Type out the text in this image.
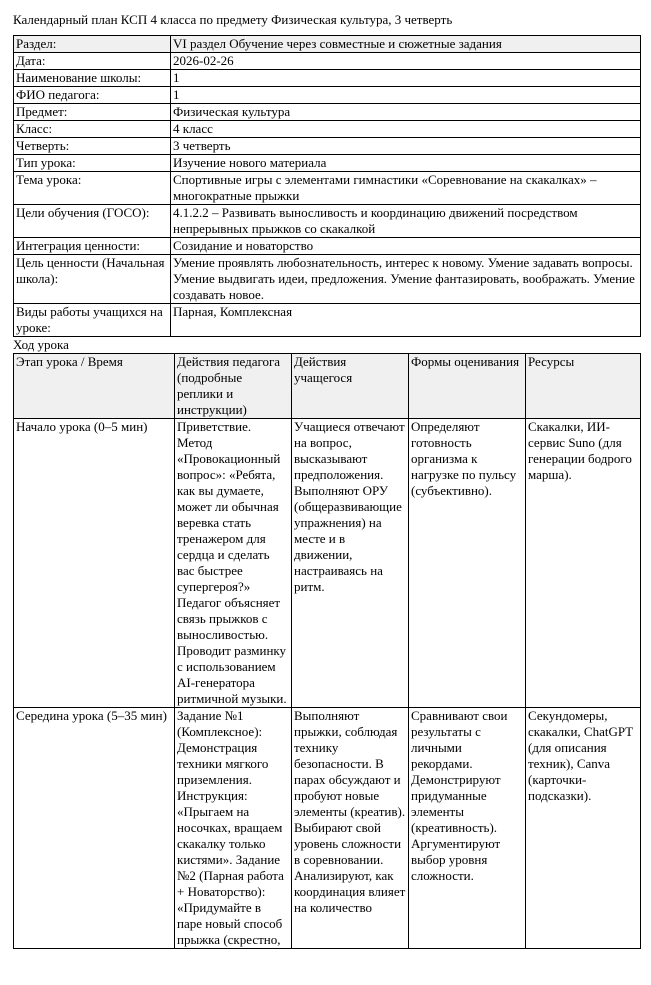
Календарный план КСП 4 класса по предмету Физическая культура, 3 четверть
Раздел:	VI раздел Обучение через совместные и сюжетные задания
Дата:	2026-02-26
Наименование школы:	1
ФИО педагога:	1
Предмет:	Физическая культура
Класс:	4 класс
Четверть:	3 четверть
Тип урока:	Изучение нового материала
Тема урока:	Спортивные игры с элементами гимнастики «Соревнование на скакалках» – многократные прыжки
Цели обучения (ГОСО):	4.1.2.2 – Развивать выносливость и координацию движений посредством непрерывных прыжков со скакалкой
Интеграция ценности:	Созидание и новаторство
Цель ценности (Начальная школа):	Умение проявлять любознательность, интерес к новому. Умение задавать вопросы. Умение выдвигать идеи, предложения. Умение фантазировать, воображать. Умение создавать новое.
Виды работы учащихся на уроке:	Парная, Комплексная
Ход урока
Этап урока / Время	Действия педагога (подробные реплики и инструкции)	Действия учащегося	Формы оценивания	Ресурсы
Начало урока (0–5 мин)	Приветствие. Метод «Провокационный вопрос»: «Ребята, как вы думаете, может ли обычная веревка стать тренажером для сердца и сделать вас быстрее супергероя?» Педагог объясняет связь прыжков с выносливостью. Проводит разминку с использованием AI-генератора ритмичной музыки.	Учащиеся отвечают на вопрос, высказывают предположения. Выполняют ОРУ (общеразвивающие упражнения) на месте и в движении, настраиваясь на ритм.	Определяют готовность организма к нагрузке по пульсу (субъективно).	Скакалки, ИИ-сервис Suno (для генерации бодрого марша).
Середина урока (5–35 мин)	Задание №1 (Комплексное): Демонстрация техники мягкого приземления. Инструкция: «Прыгаем на носочках, вращаем скакалку только кистями». Задание №2 (Парная работа + Новаторство): «Придумайте в паре новый способ прыжка (скрестно,	Выполняют прыжки, соблюдая технику безопасности. В парах обсуждают и пробуют новые элементы (креатив). Выбирают свой уровень сложности в соревновании. Анализируют, как координация влияет на количество	Сравнивают свои результаты с личными рекордами. Демонстрируют придуманные элементы (креативность). Аргументируют выбор уровня сложности.	Секундомеры, скакалки, ChatGPT (для описания техник), Canva (карточки-подсказки).
